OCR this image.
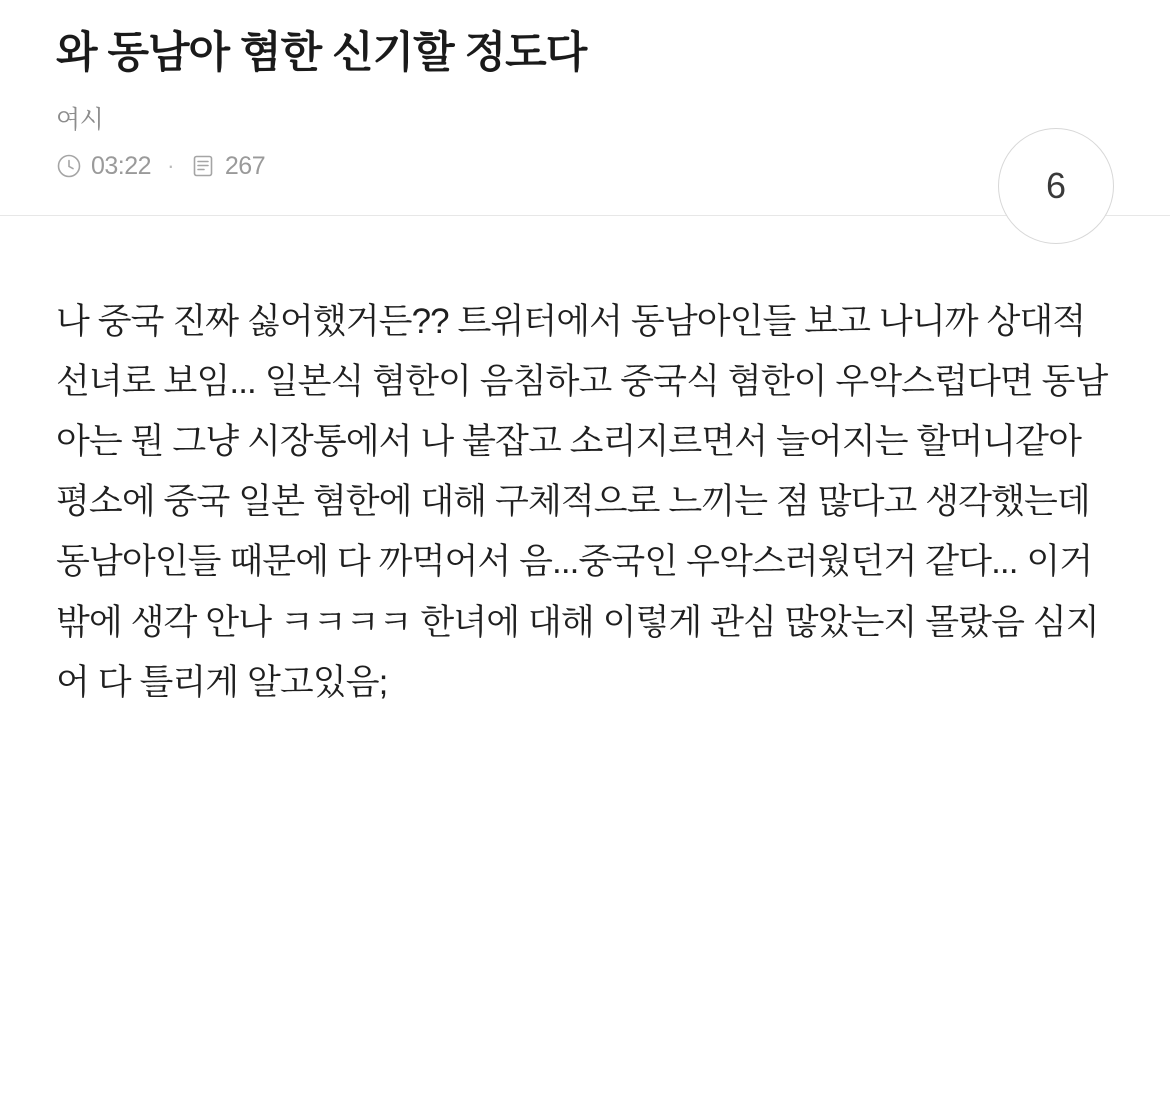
와 동남아 혐한 신기할 정도다
여시
03:22 · 267	6

나 중국 진짜 싫어했거든?? 트위터에서 동남아인들 보고 나니까 상대적 선녀로 보임... 일본식 혐한이 음침하고 중국식 혐한이 우악스럽다면 동남아는 뭔 그냥 시장통에서 나 붙잡고 소리지르면서 늘어지는 할머니같아 평소에 중국 일본 혐한에 대해 구체적으로 느끼는 점 많다고 생각했는데 동남아인들 때문에 다 까먹어서 음...중국인 우악스러웠던거 같다... 이거밖에 생각 안나 ㅋㅋㅋㅋ 한녀에 대해 이렇게 관심 많았는지 몰랐음 심지어 다 틀리게 알고있음;
